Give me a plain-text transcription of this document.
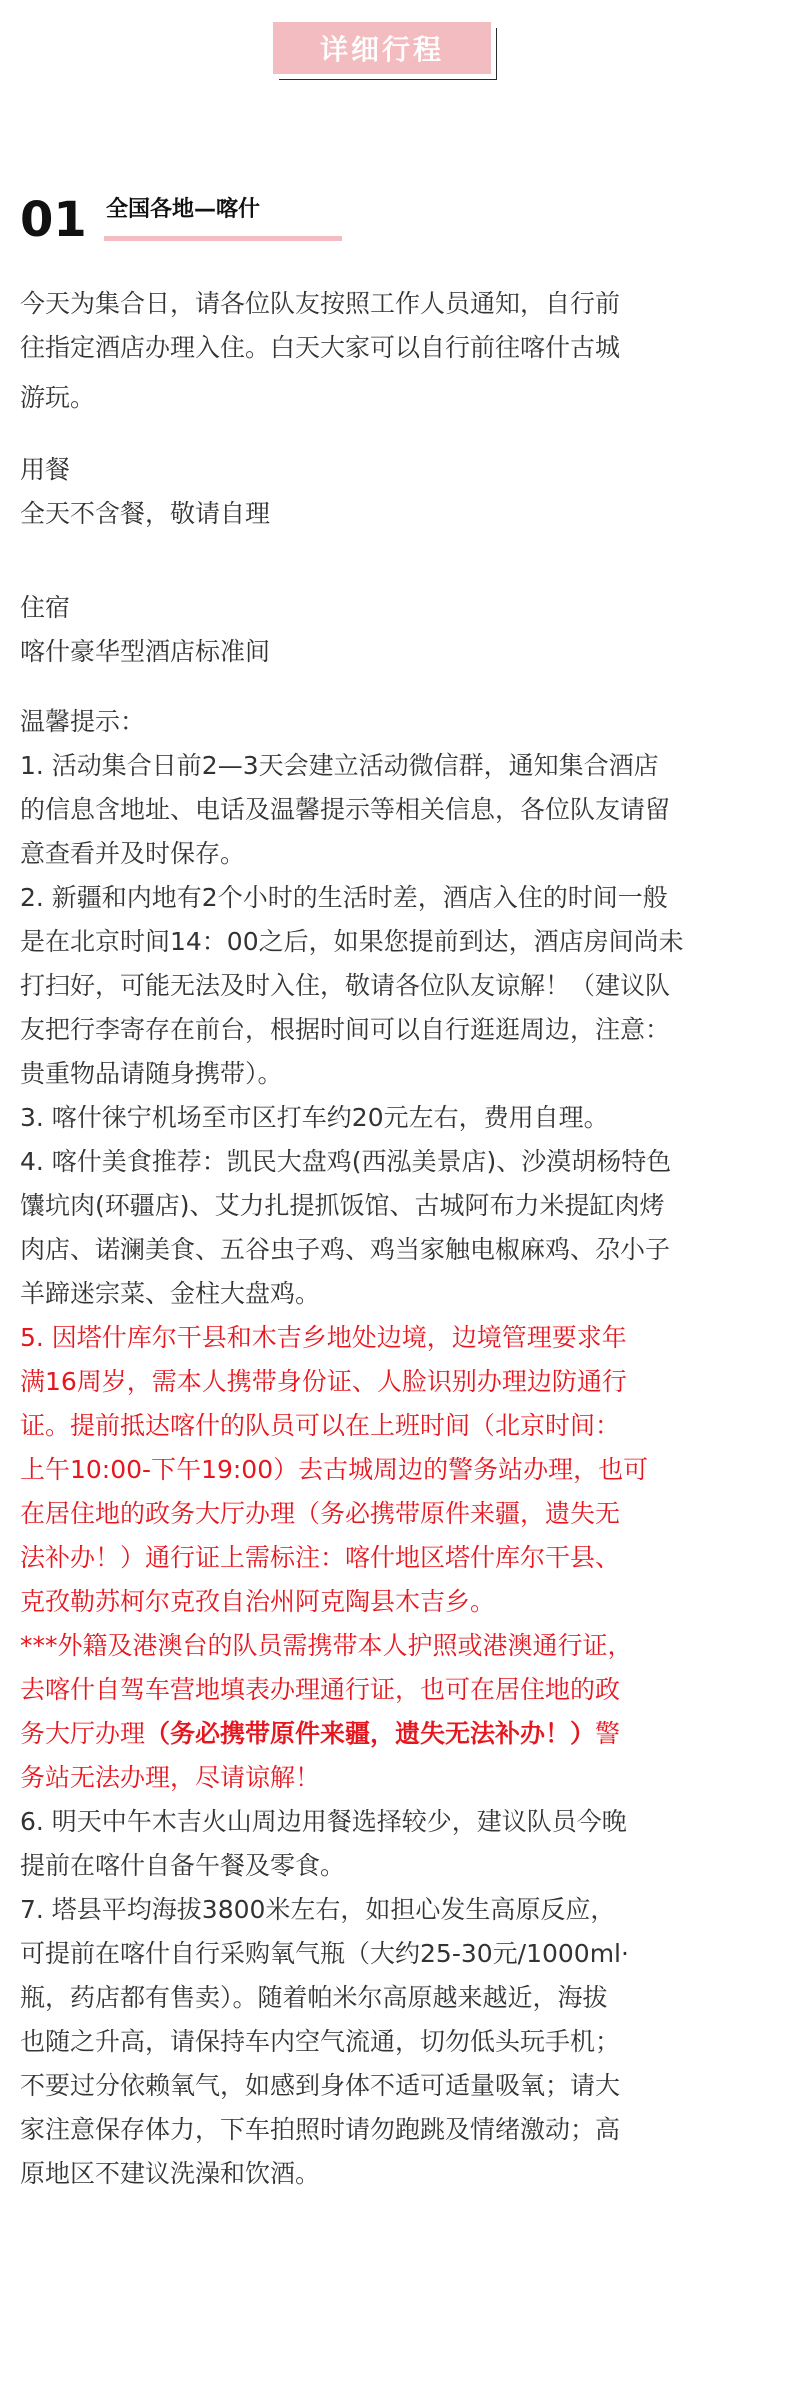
详细行程
01 全国各地—喀什

今天为集合日，请各位队友按照工作人员通知，自行前

往指定酒店办理入住。白天大家可以自行前往喀什古城

游玩。

用餐

全天不含餐，敬请自理

住宿

喀什豪华型酒店标准间

温馨提示：

1. 活动集合日前2—3天会建立活动微信群，通知集合酒店

的信息含地址、电话及温馨提示等相关信息，各位队友请留

意查看并及时保存。

2. 新疆和内地有2个小时的生活时差，酒店入住的时间一般

是在北京时间14：00之后，如果您提前到达，酒店房间尚未

打扫好，可能无法及时入住，敬请各位队友谅解！（建议队

友把行李寄存在前台，根据时间可以自行逛逛周边，注意：

贵重物品请随身携带）。

3. 喀什徕宁机场至市区打车约20元左右，费用自理。

4. 喀什美食推荐：凯民大盘鸡(西泓美景店)、沙漠胡杨特色

馕坑肉(环疆店)、艾力扎提抓饭馆、古城阿布力米提缸肉烤

肉店、诺澜美食、五谷虫子鸡、鸡当家触电椒麻鸡、尕小子

羊蹄迷宗菜、金柱大盘鸡。

5. 因塔什库尔干县和木吉乡地处边境，边境管理要求年

满16周岁，需本人携带身份证、人脸识别办理边防通行

证。提前抵达喀什的队员可以在上班时间（北京时间：

上午10:00-下午19:00）去古城周边的警务站办理，也可

在居住地的政务大厅办理（务必携带原件来疆，遗失无

法补办！）通行证上需标注：喀什地区塔什库尔干县、

克孜勒苏柯尔克孜自治州阿克陶县木吉乡。

***外籍及港澳台的队员需携带本人护照或港澳通行证，

去喀什自驾车营地填表办理通行证，也可在居住地的政

务大厅办理（务必携带原件来疆，遗失无法补办！）警

务站无法办理，尽请谅解！

6. 明天中午木吉火山周边用餐选择较少，建议队员今晚

提前在喀什自备午餐及零食。

7. 塔县平均海拔3800米左右，如担心发生高原反应，

可提前在喀什自行采购氧气瓶（大约25-30元/1000ml·

瓶，药店都有售卖）。随着帕米尔高原越来越近，海拔

也随之升高，请保持车内空气流通，切勿低头玩手机；

不要过分依赖氧气，如感到身体不适可适量吸氧；请大

家注意保存体力，下车拍照时请勿跑跳及情绪激动；高

原地区不建议洗澡和饮酒。
